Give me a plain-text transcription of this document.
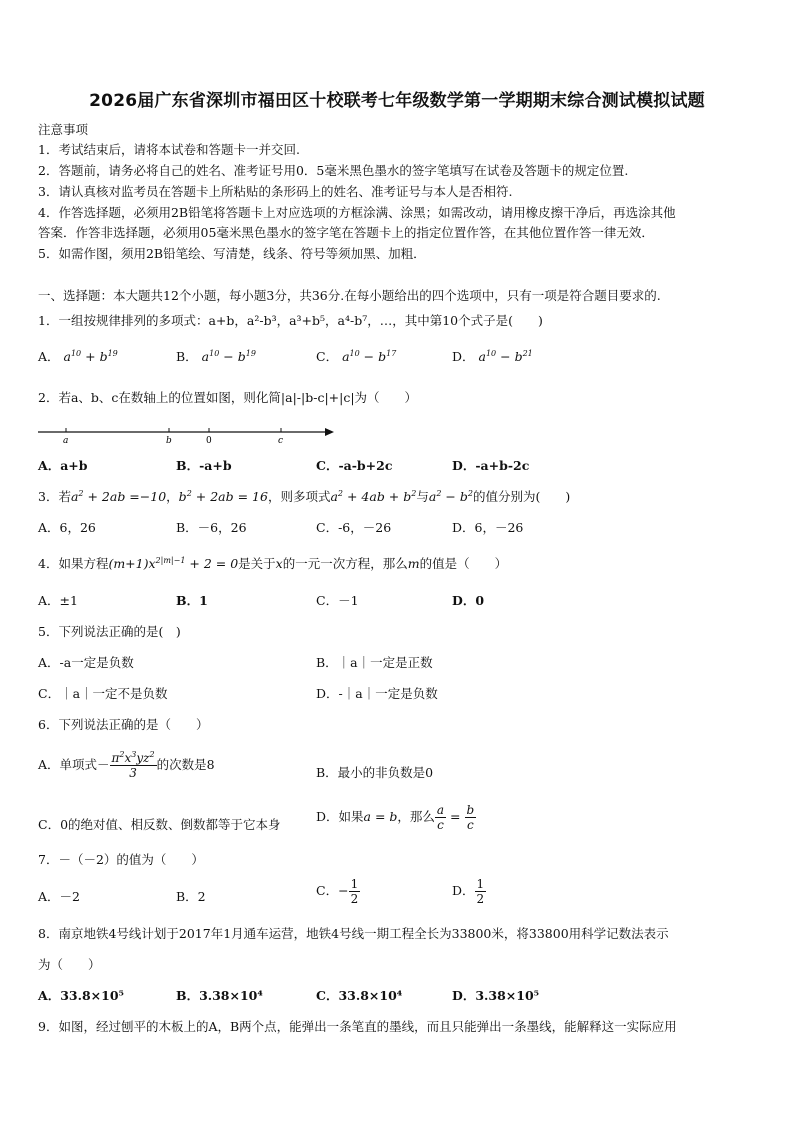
2026届广东省深圳市福田区十校联考七年级数学第一学期期末综合测试模拟试题
注意事项
1．考试结束后，请将本试卷和答题卡一并交回.
2．答题前，请务必将自己的姓名、准考证号用0．5毫米黑色墨水的签字笔填写在试卷及答题卡的规定位置.
3．请认真核对监考员在答题卡上所粘贴的条形码上的姓名、准考证号与本人是否相符.
4．作答选择题，必须用2B铅笔将答题卡上对应选项的方框涂满、涂黑；如需改动，请用橡皮擦干净后，再选涂其他
答案．作答非选择题，必须用05毫米黑色墨水的签字笔在答题卡上的指定位置作答，在其他位置作答一律无效．
5．如需作图，须用2B铅笔绘、写清楚，线条、符号等须加黑、加粗．
一、选择题：本大题共12个小题，每小题3分，共36分.在每小题给出的四个选项中，只有一项是符合题目要求的.
1．一组按规律排列的多项式：a+b，a²-b³，a³+b⁵，a⁴-b⁷，…，其中第10个式子是(　　)
A． $a^{10} + b^{19}$	B． $a^{10} - b^{19}$	C． $a^{10} - b^{17}$	D． $a^{10} - b^{21}$
2．若a、b、c在数轴上的位置如图，则化简|a|-|b-c|+|c|为（　　）
a	b	0	c
A．a+b	B．-a+b	C．-a-b+2c	D．-a+b-2c
3．若$a^2 + 2ab =-10$，$b^2 + 2ab = 16$，则多项式$a^2 + 4ab + b^2$与$a^2 - b^2$的值分别为(　　)
A．6，26	B．－6，26	C．-6，－26	D．6，－26
4．如果方程$(m+1)x^{2|m|-1} + 2 = 0$是关于x的一元一次方程，那么m的值是（　　）
A．±1	B．1	C．－1	D．0
5．下列说法正确的是(　)
A．-a一定是负数	B．｜a｜一定是正数
C．｜a｜一定不是负数	D．-｜a｜一定是负数
6．下列说法正确的是（　　）
A．单项式－ $\frac{\pi^2x^3yz^2}{3}$ 的次数是8
B．最小的非负数是0
C．0的绝对值、相反数、倒数都等于它本身
D．如果a = b，那么 $\frac{a}{c} = \frac{b}{c}$
7．－（－2）的值为（　　）
A．－2	B．2	C．− $\frac{1}{2}$	D． $\frac{1}{2}$
8．南京地铁4号线计划于2017年1月通车运营，地铁4号线一期工程全长为33800米，将33800用科学记数法表示
为（　　）
A．33.8×10⁵	B．3.38×10⁴	C．33.8×10⁴	D．3.38×10⁵
9．如图，经过刨平的木板上的A，B两个点，能弹出一条笔直的墨线，而且只能弹出一条墨线，能解释这一实际应用
